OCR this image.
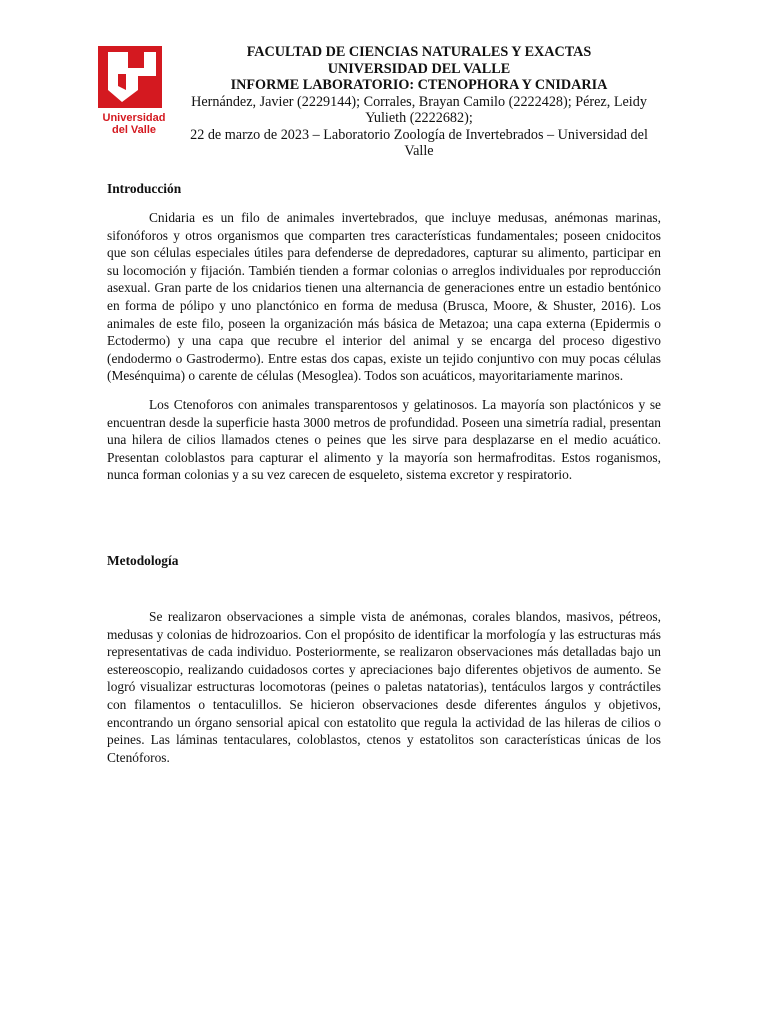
Universidad
del Valle
FACULTAD DE CIENCIAS NATURALES Y EXACTAS
UNIVERSIDAD DEL VALLE
INFORME LABORATORIO: CTENOPHORA Y CNIDARIA
Hernández, Javier (2229144); Corrales, Brayan Camilo (2222428); Pérez, Leidy Yulieth (2222682);
22 de marzo de 2023 – Laboratorio Zoología de Invertebrados – Universidad del Valle
Introducción

Cnidaria es un filo de animales invertebrados, que incluye medusas, anémonas marinas, sifonóforos y otros organismos que comparten tres características fundamentales; poseen cnidocitos que son células especiales útiles para defenderse de depredadores, capturar su alimento, participar en su locomoción y fijación. También tienden a formar colonias o arreglos individuales por reproducción asexual. Gran parte de los cnidarios tienen una alternancia de generaciones entre un estadio bentónico en forma de pólipo y uno planctónico en forma de medusa (Brusca, Moore, & Shuster, 2016). Los animales de este filo, poseen la organización más básica de Metazoa; una capa externa (Epidermis o Ectodermo) y una capa que recubre el interior del animal y se encarga del proceso digestivo (endodermo o Gastrodermo). Entre estas dos capas, existe un tejido conjuntivo con muy pocas células (Mesénquima) o carente de células (Mesoglea). Todos son acuáticos, mayoritariamente marinos.

Los Ctenoforos con animales transparentosos y gelatinosos. La mayoría son plactónicos y se encuentran desde la superficie hasta 3000 metros de profundidad. Poseen una simetría radial, presentan una hilera de cilios llamados ctenes o peines que les sirve para desplazarse en el medio acuático. Presentan coloblastos para capturar el alimento y la mayoría son hermafroditas. Estos roganismos, nunca forman colonias y a su vez carecen de esqueleto, sistema excretor y respiratorio.

Metodología

Se realizaron observaciones a simple vista de anémonas, corales blandos, masivos, pétreos, medusas y colonias de hidrozoarios. Con el propósito de identificar la morfología y las estructuras más representativas de cada individuo. Posteriormente, se realizaron observaciones más detalladas bajo un estereoscopio, realizando cuidadosos cortes y apreciaciones bajo diferentes objetivos de aumento. Se logró visualizar estructuras locomotoras (peines o paletas natatorias), tentáculos largos y contráctiles con filamentos o tentaculillos. Se hicieron observaciones desde diferentes ángulos y objetivos, encontrando un órgano sensorial apical con estatolito que regula la actividad de las hileras de cilios o peines. Las láminas tentaculares, coloblastos, ctenos y estatolitos son características únicas de los Ctenóforos.
